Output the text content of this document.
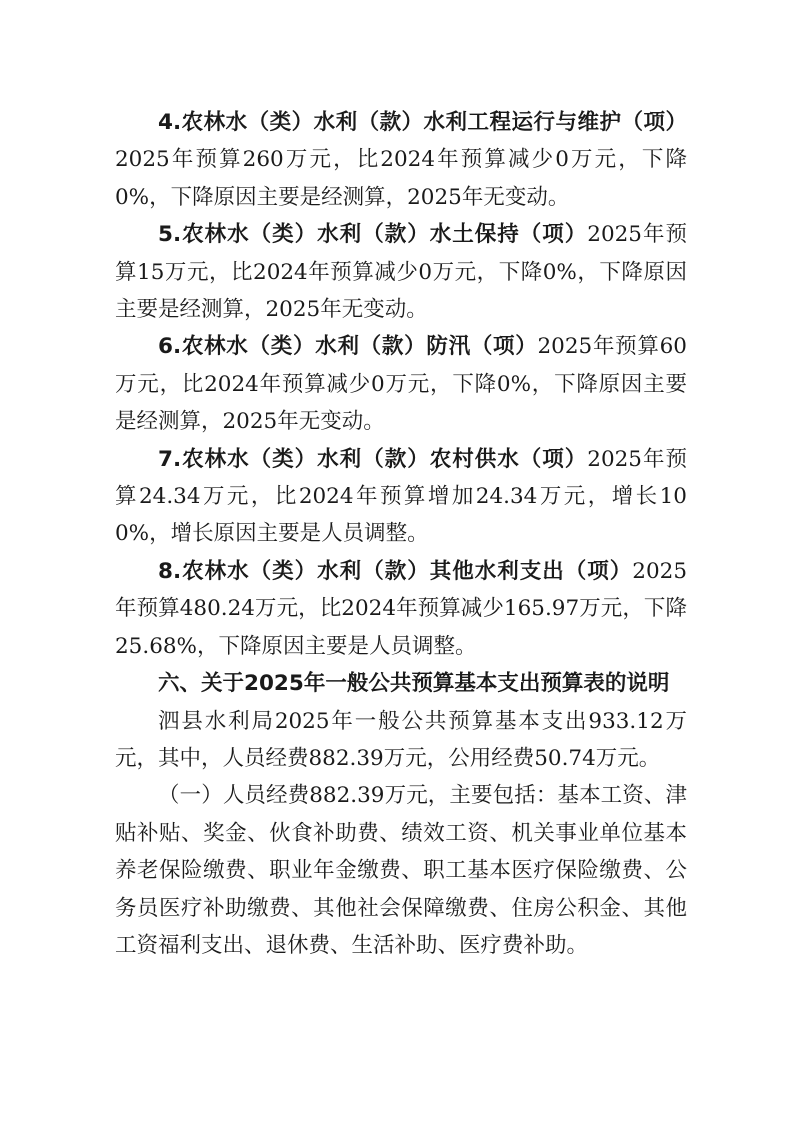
4.农林水（类）水利（款）水利工程运行与维护（项）2025年预算260万元，比2024年预算减少0万元，下降0%，下降原因主要是经测算，2025年无变动。

5.农林水（类）水利（款）水土保持（项）2025年预算15万元，比2024年预算减少0万元，下降0%，下降原因主要是经测算，2025年无变动。

6.农林水（类）水利（款）防汛（项）2025年预算60万元，比2024年预算减少0万元，下降0%，下降原因主要是经测算，2025年无变动。

7.农林水（类）水利（款）农村供水（项）2025年预算24.34万元，比2024年预算增加24.34万元，增长100%，增长原因主要是人员调整。

8.农林水（类）水利（款）其他水利支出（项）2025年预算480.24万元，比2024年预算减少165.97万元，下降25.68%，下降原因主要是人员调整。

六、关于2025年一般公共预算基本支出预算表的说明

泗县水利局2025年一般公共预算基本支出933.12万元，其中，人员经费882.39万元，公用经费50.74万元。

（一）人员经费882.39万元，主要包括：基本工资、津贴补贴、奖金、伙食补助费、绩效工资、机关事业单位基本养老保险缴费、职业年金缴费、职工基本医疗保险缴费、公务员医疗补助缴费、其他社会保障缴费、住房公积金、其他工资福利支出、退休费、生活补助、医疗费补助。
